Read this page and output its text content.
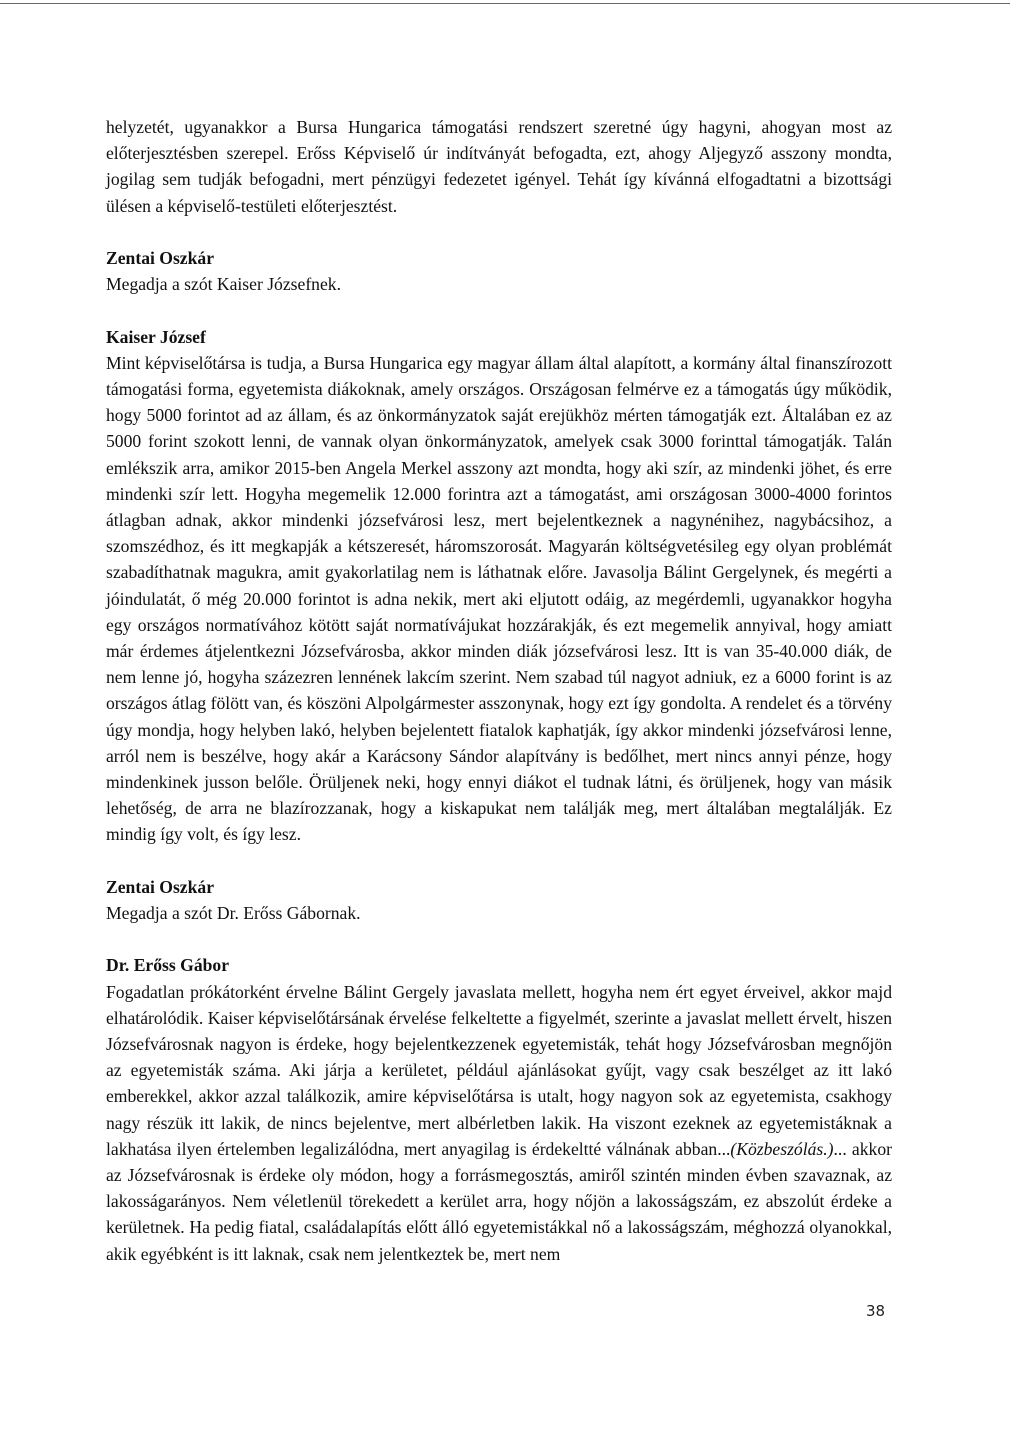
helyzetét, ugyanakkor a Bursa Hungarica támogatási rendszert szeretné úgy hagyni, ahogyan most az előterjesztésben szerepel. Erőss Képviselő úr indítványát befogadta, ezt, ahogy Aljegyző asszony mondta, jogilag sem tudják befogadni, mert pénzügyi fedezetet igényel. Tehát így kívánná elfogadtatni a bizottsági ülésen a képviselő-testületi előterjesztést.

Zentai Oszkár

Megadja a szót Kaiser Józsefnek.

Kaiser József

Mint képviselőtársa is tudja, a Bursa Hungarica egy magyar állam által alapított, a kormány által finanszírozott támogatási forma, egyetemista diákoknak, amely országos. Országosan felmérve ez a támogatás úgy működik, hogy 5000 forintot ad az állam, és az önkormányzatok saját erejükhöz mérten támogatják ezt. Általában ez az 5000 forint szokott lenni, de vannak olyan önkormányzatok, amelyek csak 3000 forinttal támogatják. Talán emlékszik arra, amikor 2015-ben Angela Merkel asszony azt mondta, hogy aki szír, az mindenki jöhet, és erre mindenki szír lett. Hogyha megemelik 12.000 forintra azt a támogatást, ami országosan 3000-4000 forintos átlagban adnak, akkor mindenki józsefvárosi lesz, mert bejelentkeznek a nagynénihez, nagybácsihoz, a szomszédhoz, és itt megkapják a kétszeresét, háromszorosát. Magyarán költségvetésileg egy olyan problémát szabadíthatnak magukra, amit gyakorlatilag nem is láthatnak előre. Javasolja Bálint Gergelynek, és megérti a jóindulatát, ő még 20.000 forintot is adna nekik, mert aki eljutott odáig, az megérdemli, ugyanakkor hogyha egy országos normatívához kötött saját normatívájukat hozzárakják, és ezt megemelik annyival, hogy amiatt már érdemes átjelentkezni Józsefvárosba, akkor minden diák józsefvárosi lesz. Itt is van 35-40.000 diák, de nem lenne jó, hogyha százezren lennének lakcím szerint. Nem szabad túl nagyot adniuk, ez a 6000 forint is az országos átlag fölött van, és köszöni Alpolgármester asszonynak, hogy ezt így gondolta. A rendelet és a törvény úgy mondja, hogy helyben lakó, helyben bejelentett fiatalok kaphatják, így akkor mindenki józsefvárosi lenne, arról nem is beszélve, hogy akár a Karácsony Sándor alapítvány is bedőlhet, mert nincs annyi pénze, hogy mindenkinek jusson belőle. Örüljenek neki, hogy ennyi diákot el tudnak látni, és örüljenek, hogy van másik lehetőség, de arra ne blazírozzanak, hogy a kiskapukat nem találják meg, mert általában megtalálják. Ez mindig így volt, és így lesz.

Zentai Oszkár

Megadja a szót Dr. Erőss Gábornak.

Dr. Erőss Gábor

Fogadatlan prókátorként érvelne Bálint Gergely javaslata mellett, hogyha nem ért egyet érveivel, akkor majd elhatárolódik. Kaiser képviselőtársának érvelése felkeltette a figyelmét, szerinte a javaslat mellett érvelt, hiszen Józsefvárosnak nagyon is érdeke, hogy bejelentkezzenek egyetemisták, tehát hogy Józsefvárosban megnőjön az egyetemisták száma. Aki járja a kerületet, például ajánlásokat gyűjt, vagy csak beszélget az itt lakó emberekkel, akkor azzal találkozik, amire képviselőtársa is utalt, hogy nagyon sok az egyetemista, csakhogy nagy részük itt lakik, de nincs bejelentve, mert albérletben lakik. Ha viszont ezeknek az egyetemistáknak a lakhatása ilyen értelemben legalizálódna, mert anyagilag is érdekeltté válnának abban...(Közbeszólás.)... akkor az Józsefvárosnak is érdeke oly módon, hogy a forrásmegosztás, amiről szintén minden évben szavaznak, az lakosságarányos. Nem véletlenül törekedett a kerület arra, hogy nőjön a lakosságszám, ez abszolút érdeke a kerületnek. Ha pedig fiatal, családalapítás előtt álló egyetemistákkal nő a lakosságszám, méghozzá olyanokkal, akik egyébként is itt laknak, csak nem jelentkeztek be, mert nem

38
